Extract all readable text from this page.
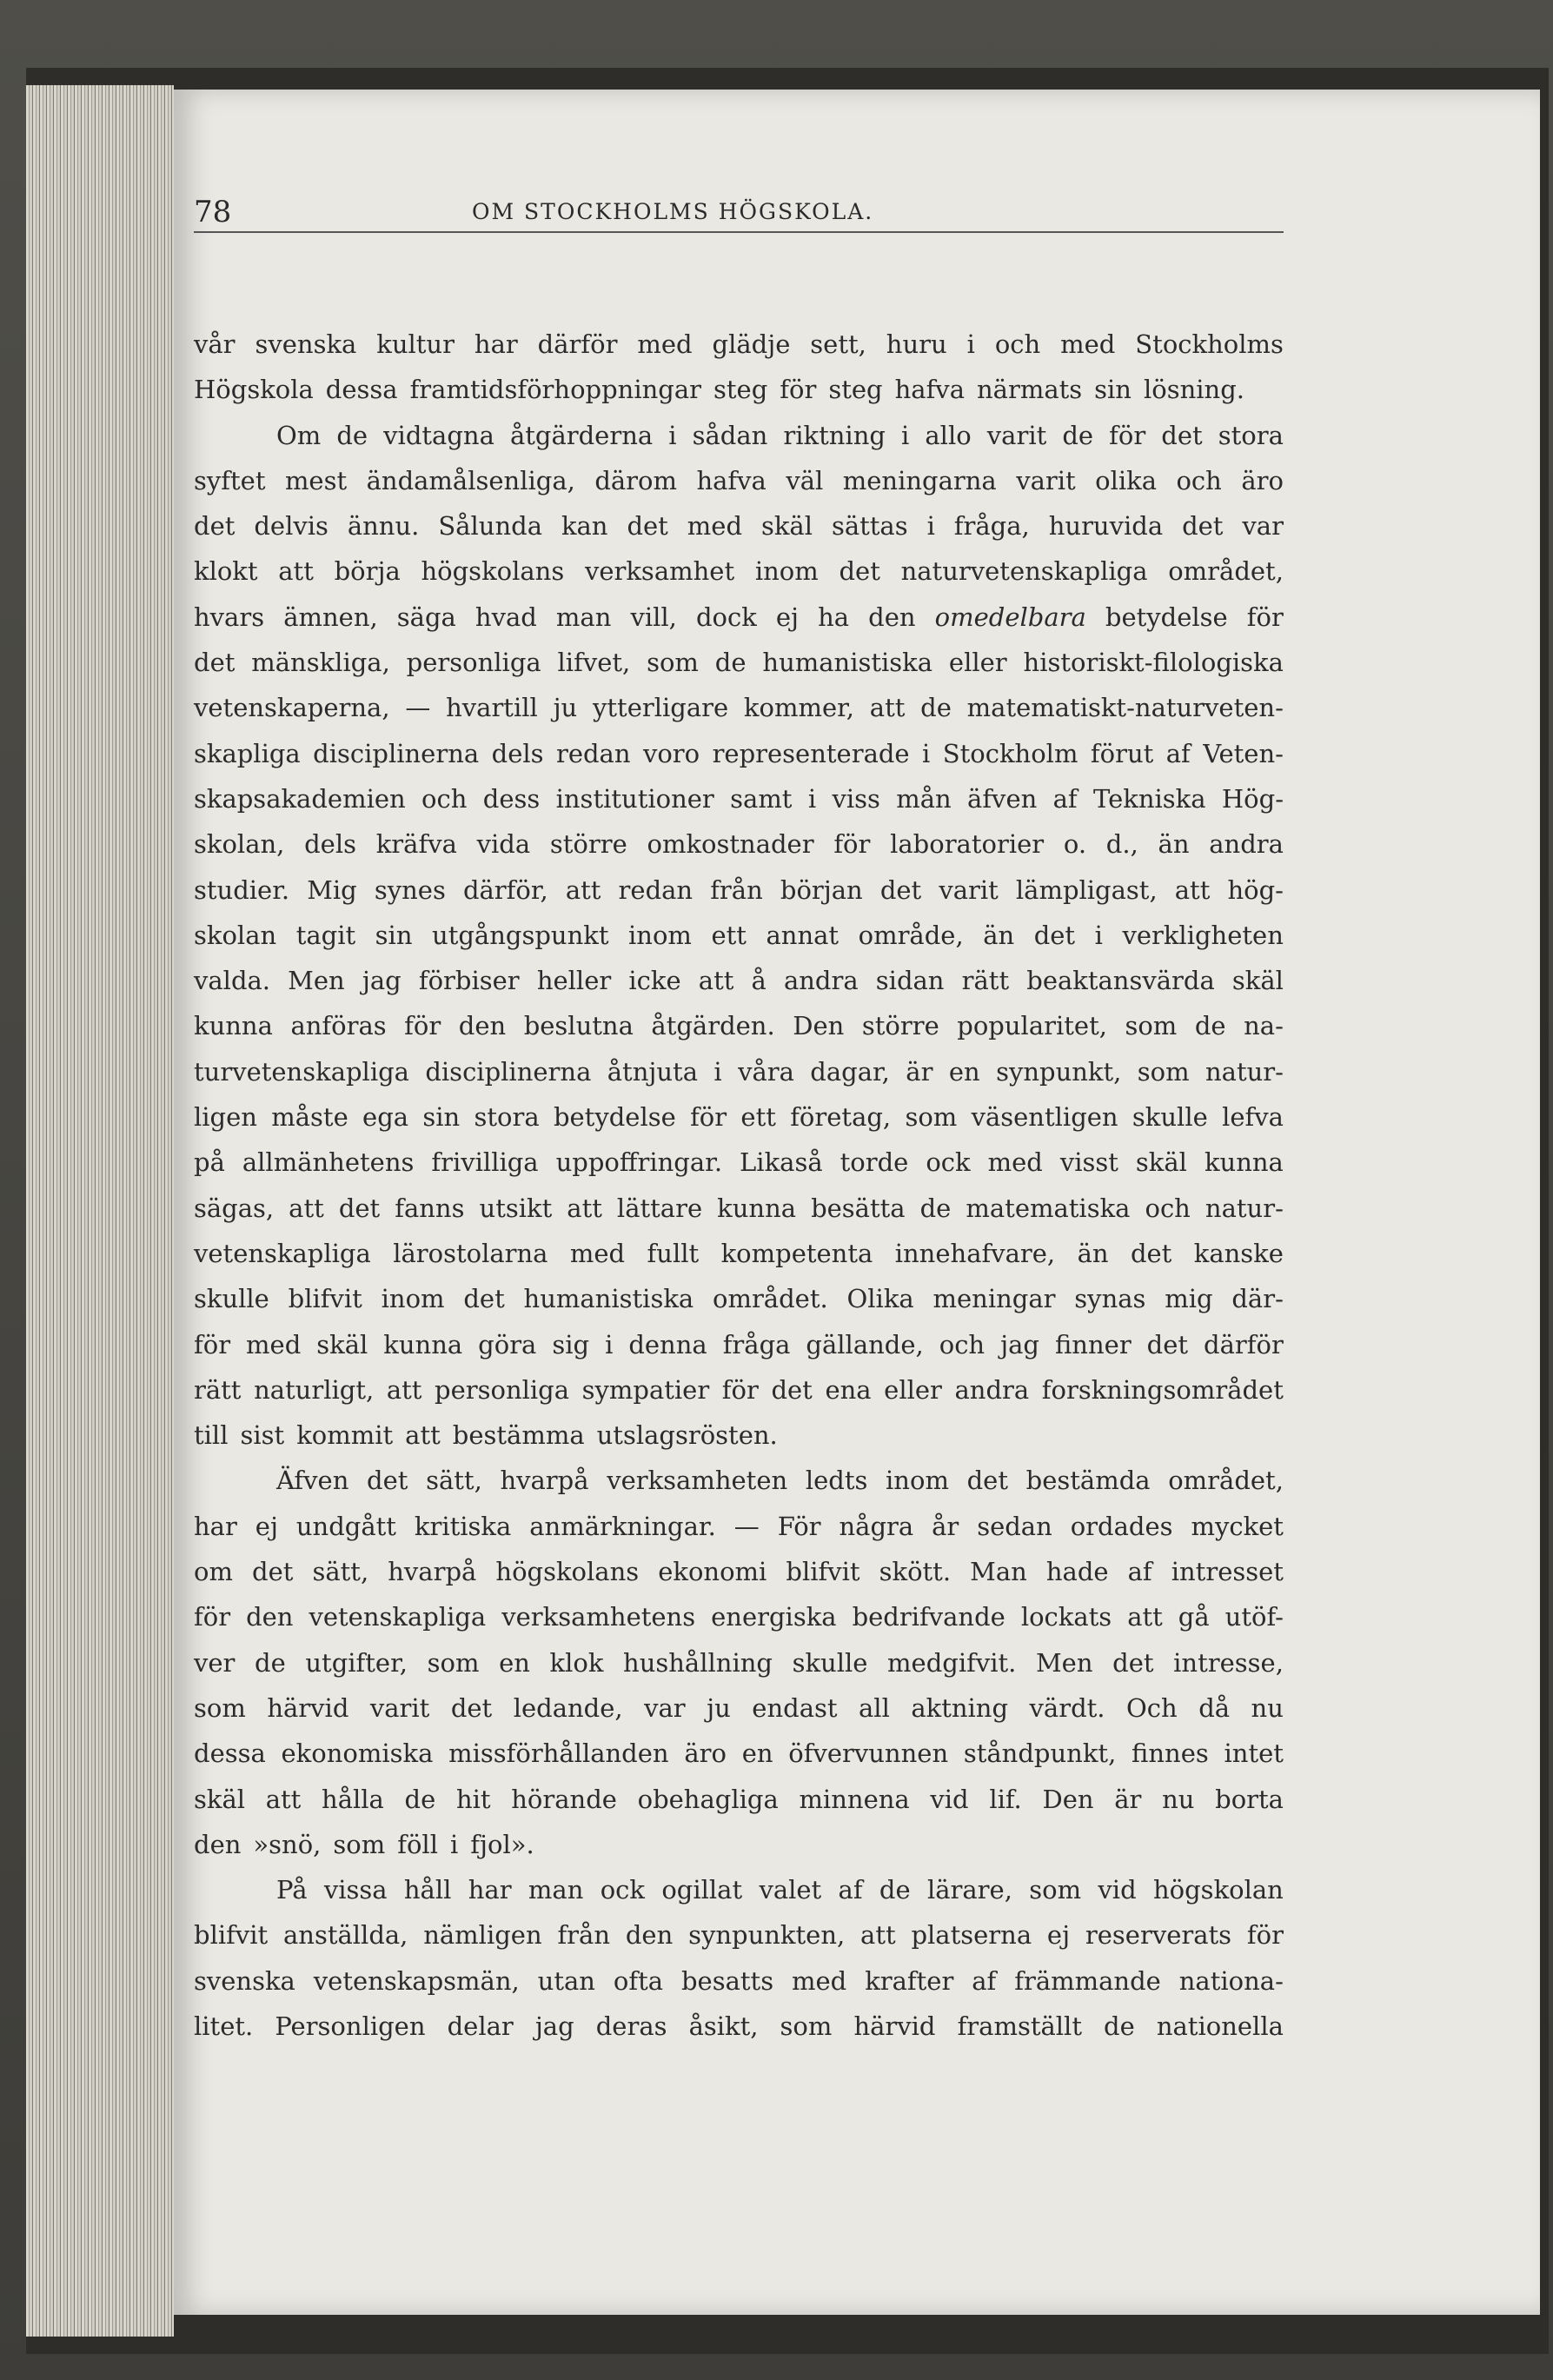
78	OM STOCKHOLMS HÖGSKOLA.
vår svenska kultur har därför med glädje sett, huru i och med Stockholms
Högskola dessa framtidsförhoppningar steg för steg hafva närmats sin lösning.
Om de vidtagna åtgärderna i sådan riktning i allo varit de för det stora
syftet mest ändamålsenliga, därom hafva väl meningarna varit olika och äro
det delvis ännu. Sålunda kan det med skäl sättas i fråga, huruvida det var
klokt att börja högskolans verksamhet inom det naturvetenskapliga området,
hvars ämnen, säga hvad man vill, dock ej ha den omedelbara betydelse för
det mänskliga, personliga lifvet, som de humanistiska eller historiskt-filologiska
vetenskaperna, — hvartill ju ytterligare kommer, att de matematiskt-naturveten-
skapliga disciplinerna dels redan voro representerade i Stockholm förut af Veten-
skapsakademien och dess institutioner samt i viss mån äfven af Tekniska Hög-
skolan, dels kräfva vida större omkostnader för laboratorier o. d., än andra
studier. Mig synes därför, att redan från början det varit lämpligast, att hög-
skolan tagit sin utgångspunkt inom ett annat område, än det i verkligheten
valda. Men jag förbiser heller icke att å andra sidan rätt beaktansvärda skäl
kunna anföras för den beslutna åtgärden. Den större popularitet, som de na-
turvetenskapliga disciplinerna åtnjuta i våra dagar, är en synpunkt, som natur-
ligen måste ega sin stora betydelse för ett företag, som väsentligen skulle lefva
på allmänhetens frivilliga uppoffringar. Likaså torde ock med visst skäl kunna
sägas, att det fanns utsikt att lättare kunna besätta de matematiska och natur-
vetenskapliga lärostolarna med fullt kompetenta innehafvare, än det kanske
skulle blifvit inom det humanistiska området. Olika meningar synas mig där-
för med skäl kunna göra sig i denna fråga gällande, och jag finner det därför
rätt naturligt, att personliga sympatier för det ena eller andra forskningsområdet
till sist kommit att bestämma utslagsrösten.
Äfven det sätt, hvarpå verksamheten ledts inom det bestämda området,
har ej undgått kritiska anmärkningar. — För några år sedan ordades mycket
om det sätt, hvarpå högskolans ekonomi blifvit skött. Man hade af intresset
för den vetenskapliga verksamhetens energiska bedrifvande lockats att gå utöf-
ver de utgifter, som en klok hushållning skulle medgifvit. Men det intresse,
som härvid varit det ledande, var ju endast all aktning värdt. Och då nu
dessa ekonomiska missförhållanden äro en öfvervunnen ståndpunkt, finnes intet
skäl att hålla de hit hörande obehagliga minnena vid lif. Den är nu borta
den »snö, som föll i fjol».
På vissa håll har man ock ogillat valet af de lärare, som vid högskolan
blifvit anställda, nämligen från den synpunkten, att platserna ej reserverats för
svenska vetenskapsmän, utan ofta besatts med krafter af främmande nationa-
litet. Personligen delar jag deras åsikt, som härvid framställt de nationella
